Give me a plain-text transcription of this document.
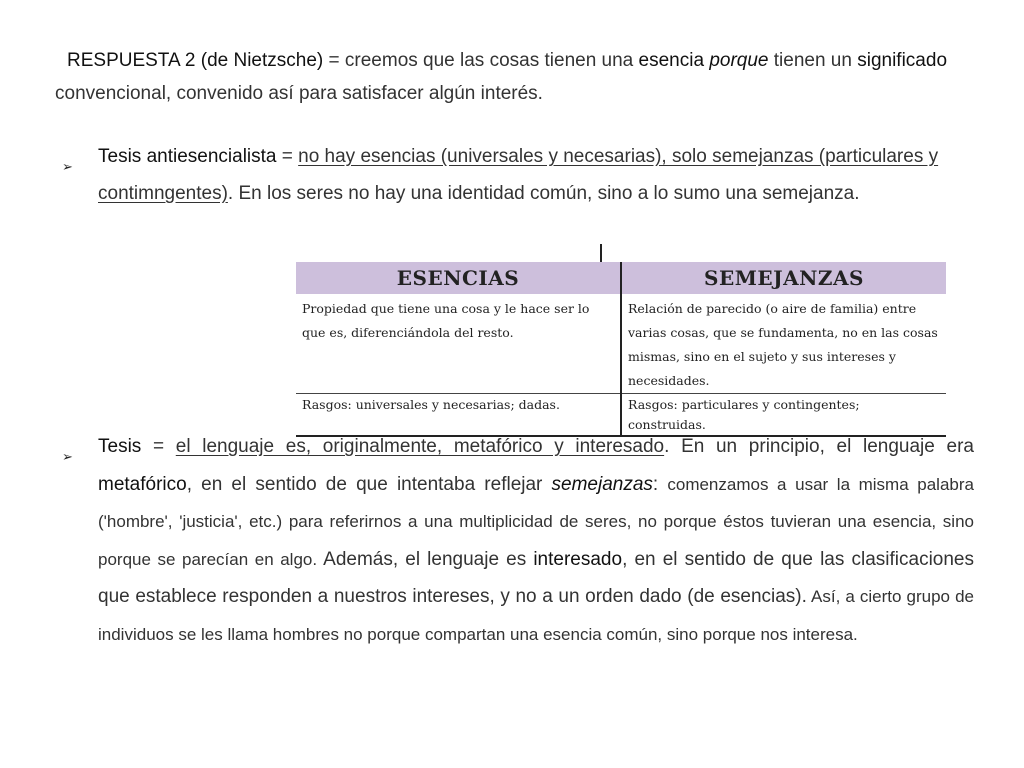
RESPUESTA 2 (de Nietzsche) = creemos que las cosas tienen una esencia porque tienen un significado convencional, convenido así para satisfacer algún interés.
➢ Tesis antiesencialista = no hay esencias (universales y necesarias), solo semejanzas (particulares y contimngentes). En los seres no hay una identidad común, sino a lo sumo una semejanza.
ESENCIAS	SEMEJANZAS
Propiedad que tiene una cosa y le hace ser lo que es, diferenciándola del resto.	Relación de parecido (o aire de familia) entre varias cosas, que se fundamenta, no en las cosas mismas, sino en el sujeto y sus intereses y necesidades.
Rasgos: universales y necesarias; dadas.	Rasgos: particulares y contingentes; construidas.
➢ Tesis = el lenguaje es, originalmente, metafórico y interesado. En un principio, el lenguaje era metafórico, en el sentido de que intentaba reflejar semejanzas: comenzamos a usar la misma palabra ('hombre', 'justicia', etc.) para referirnos a una multiplicidad de seres, no porque éstos tuvieran una esencia, sino porque se parecían en algo. Además, el lenguaje es interesado, en el sentido de que las clasificaciones que establece responden a nuestros intereses, y no a un orden dado (de esencias). Así, a cierto grupo de individuos se les llama hombres no porque compartan una esencia común, sino porque nos interesa.
